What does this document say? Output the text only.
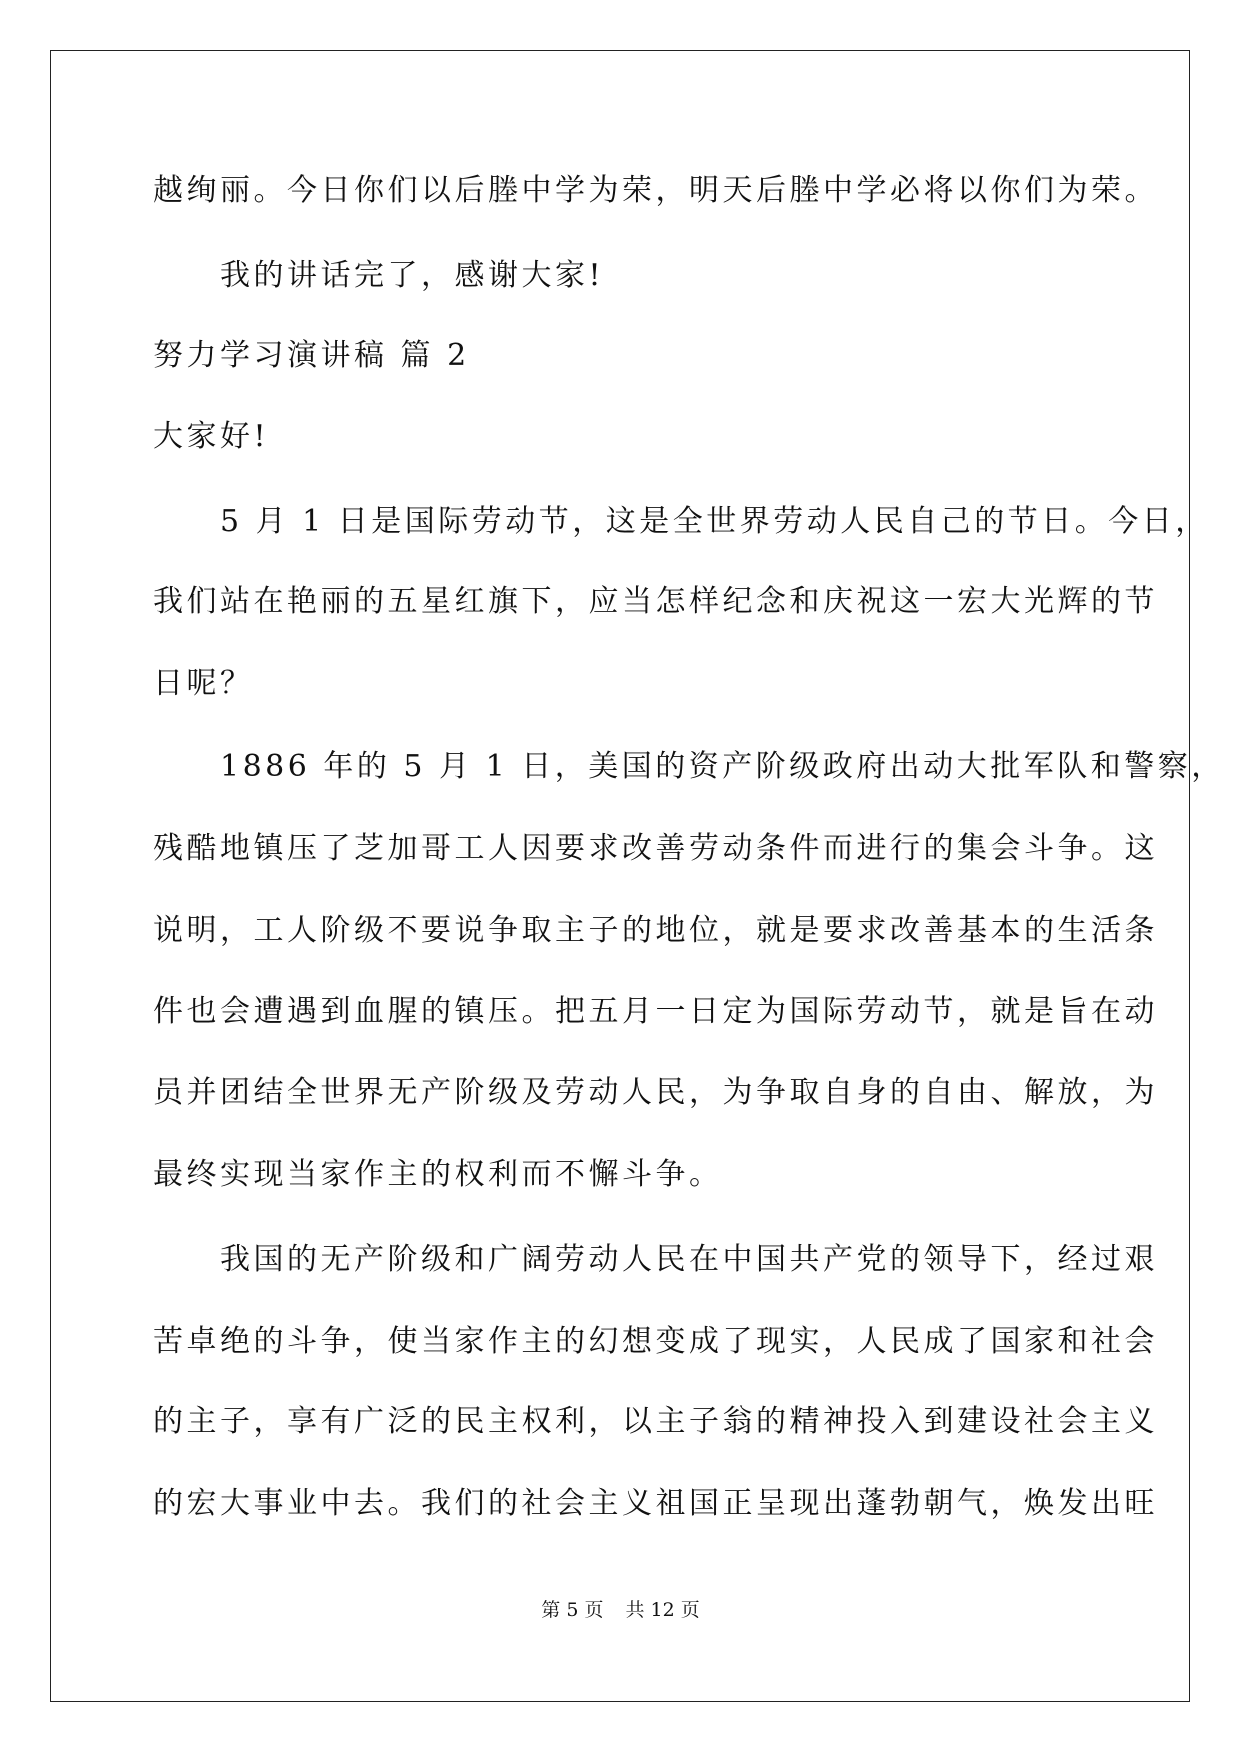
越绚丽。今日你们以后塍中学为荣，明天后塍中学必将以你们为荣。
　　我的讲话完了，感谢大家!
努力学习演讲稿 篇 2
大家好!
　　5 月 1 日是国际劳动节，这是全世界劳动人民自己的节日。今日，
我们站在艳丽的五星红旗下，应当怎样纪念和庆祝这一宏大光辉的节
日呢？
　　1886 年的 5 月 1 日，美国的资产阶级政府出动大批军队和警察，
残酷地镇压了芝加哥工人因要求改善劳动条件而进行的集会斗争。这
说明，工人阶级不要说争取主子的地位，就是要求改善基本的生活条
件也会遭遇到血腥的镇压。把五月一日定为国际劳动节，就是旨在动
员并团结全世界无产阶级及劳动人民，为争取自身的自由、解放，为
最终实现当家作主的权利而不懈斗争。
　　我国的无产阶级和广阔劳动人民在中国共产党的领导下，经过艰
苦卓绝的斗争，使当家作主的幻想变成了现实，人民成了国家和社会
的主子，享有广泛的民主权利，以主子翁的精神投入到建设社会主义
的宏大事业中去。我们的社会主义祖国正呈现出蓬勃朝气，焕发出旺
第 5 页 共 12 页
